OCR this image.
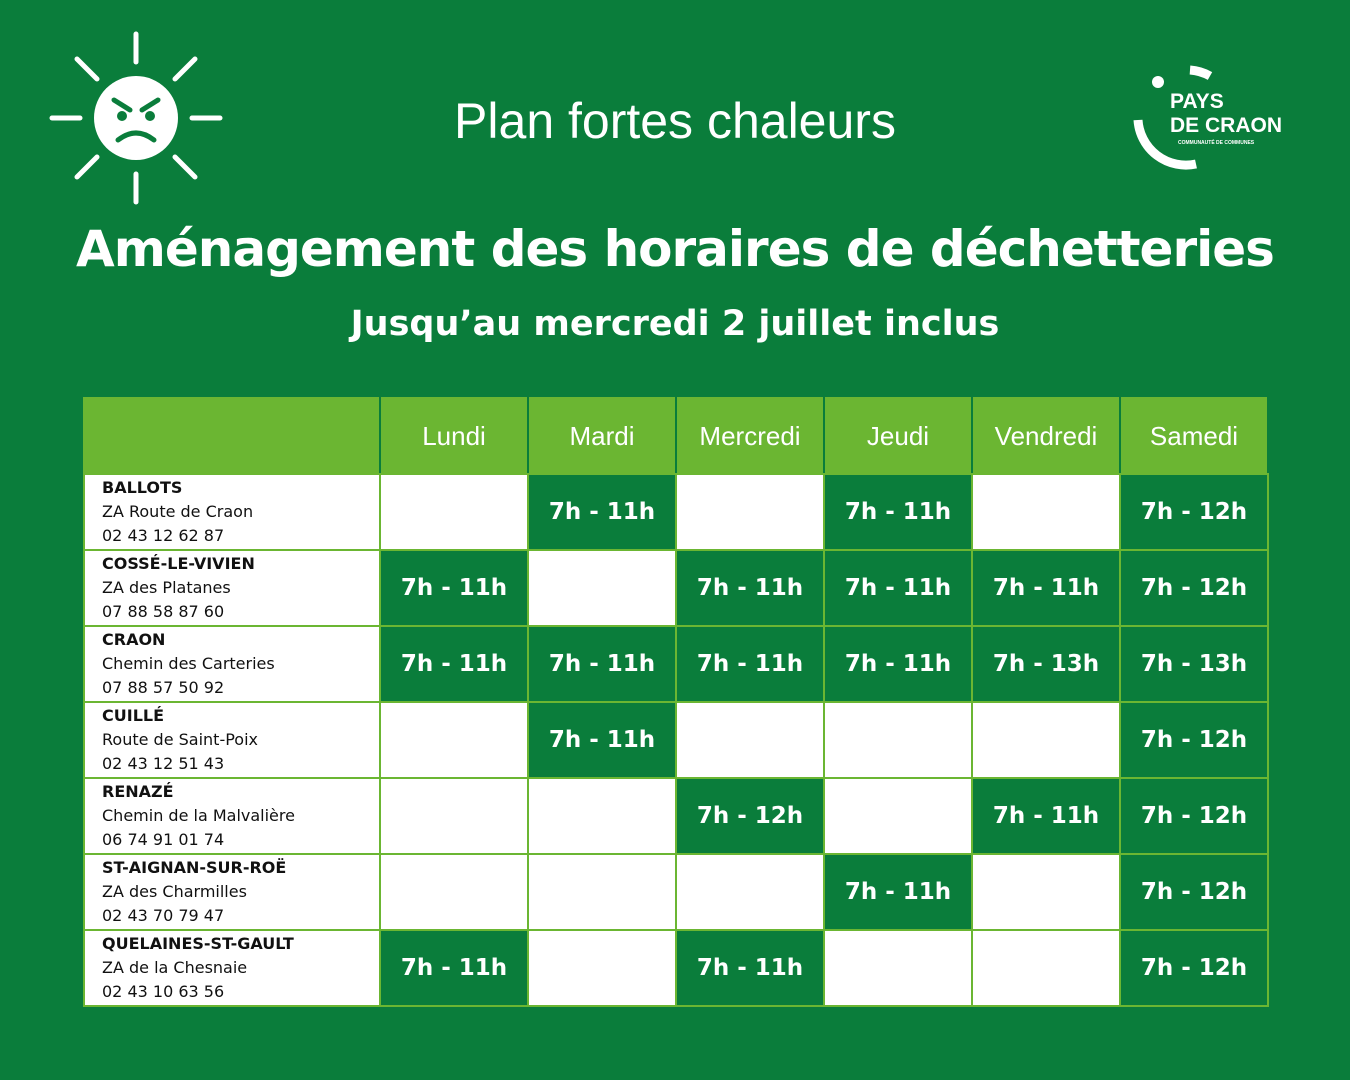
Plan fortes chaleurs	PAYS
DE CRAON
COMMUNAUTÉ DE COMMUNES
Aménagement des horaires de déchetteries
Jusqu’au mercredi 2 juillet inclus
	Lundi	Mardi	Mercredi	Jeudi	Vendredi	Samedi

BALLOTS
ZA Route de Craon
02 43 12 62 87		7h - 11h		7h - 11h		7h - 12h

COSSÉ-LE-VIVIEN
ZA des Platanes
07 88 58 87 60	7h - 11h		7h - 11h	7h - 11h	7h - 11h	7h - 12h

CRAON
Chemin des Carteries
07 88 57 50 92	7h - 11h	7h - 11h	7h - 11h	7h - 11h	7h - 13h	7h - 13h

CUILLÉ
Route de Saint-Poix
02 43 12 51 43		7h - 11h				7h - 12h

RENAZÉ
Chemin de la Malvalière
06 74 91 01 74			7h - 12h		7h - 11h	7h - 12h

ST-AIGNAN-SUR-ROË
ZA des Charmilles
02 43 70 79 47				7h - 11h		7h - 12h

QUELAINES-ST-GAULT
ZA de la Chesnaie
02 43 10 63 56	7h - 11h		7h - 11h			7h - 12h
